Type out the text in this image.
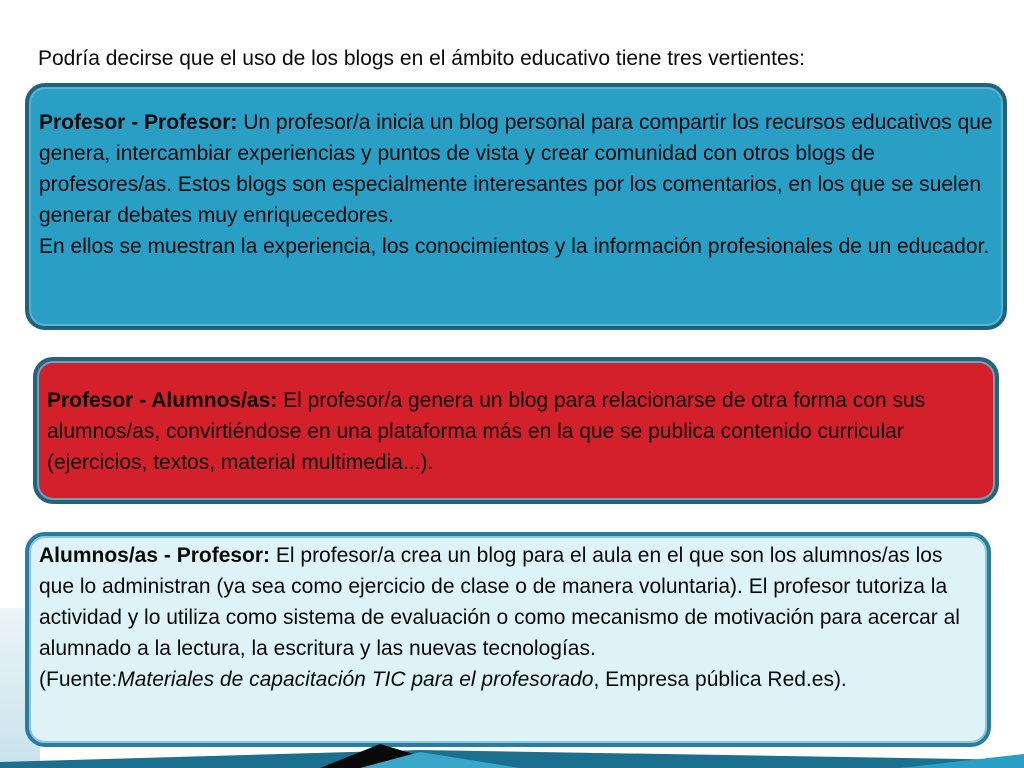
Podría decirse que el uso de los blogs en el ámbito educativo tiene tres vertientes:

Profesor - Profesor: Un profesor/a inicia un blog personal para compartir los recursos educativos que genera, intercambiar experiencias y puntos de vista y crear comunidad con otros blogs de profesores/as. Estos blogs son especialmente interesantes por los comentarios, en los que se suelen generar debates muy enriquecedores.

En ellos se muestran la experiencia, los conocimientos y la información profesionales de un educador.

Profesor - Alumnos/as: El profesor/a genera un blog para relacionarse de otra forma con sus alumnos/as, convirtiéndose en una plataforma más en la que se publica contenido curricular (ejercicios, textos, material multimedia...).

Alumnos/as - Profesor: El profesor/a crea un blog para el aula en el que son los alumnos/as los que lo administran (ya sea como ejercicio de clase o de manera voluntaria). El profesor tutoriza la actividad y lo utiliza como sistema de evaluación o como mecanismo de motivación para acercar al alumnado a la lectura, la escritura y las nuevas tecnologías.

(Fuente:Materiales de capacitación TIC para el profesorado, Empresa pública Red.es).
